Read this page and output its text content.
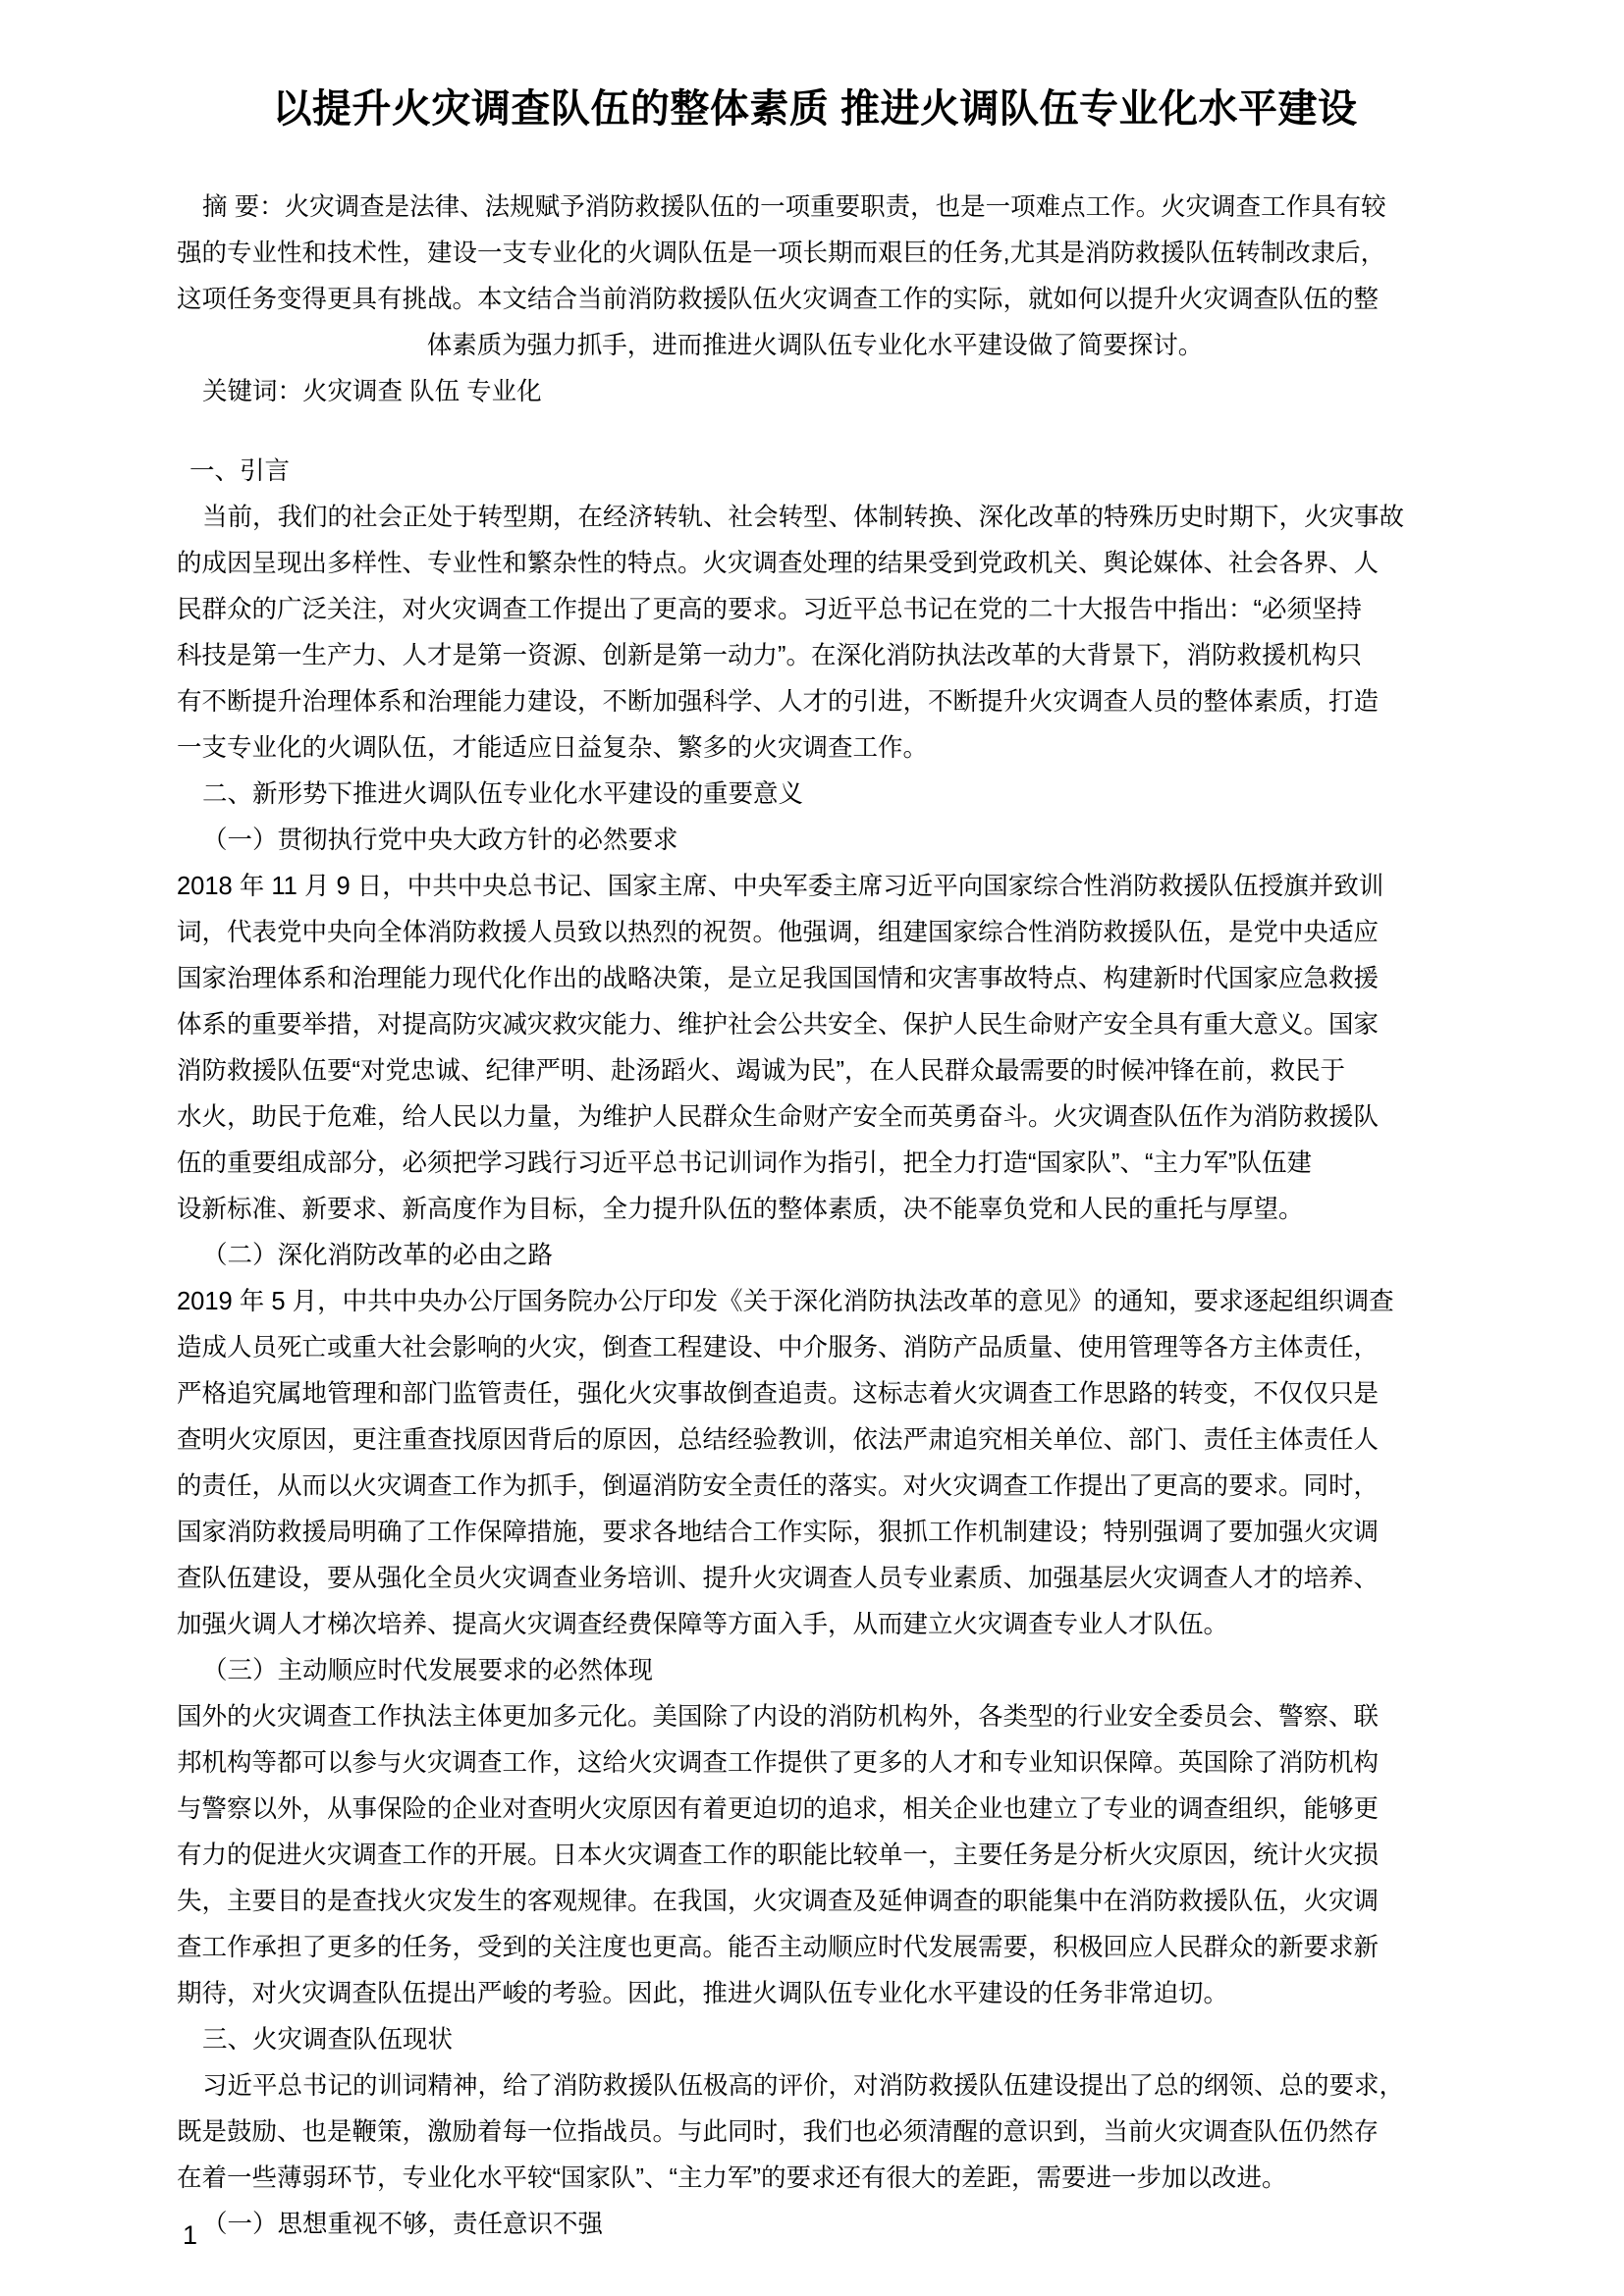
以提升火灾调查队伍的整体素质 推进火调队伍专业化水平建设

摘 要：火灾调查是法律、法规赋予消防救援队伍的一项重要职责，也是一项难点工作。火灾调查工作具有较

强的专业性和技术性，建设一支专业化的火调队伍是一项长期而艰巨的任务,尤其是消防救援队伍转制改隶后，

这项任务变得更具有挑战。本文结合当前消防救援队伍火灾调查工作的实际，就如何以提升火灾调查队伍的整

体素质为强力抓手，进而推进火调队伍专业化水平建设做了简要探讨。

关键词：火灾调查 队伍 专业化

一、引言

当前，我们的社会正处于转型期，在经济转轨、社会转型、体制转换、深化改革的特殊历史时期下，火灾事故

的成因呈现出多样性、专业性和繁杂性的特点。火灾调查处理的结果受到党政机关、舆论媒体、社会各界、人

民群众的广泛关注，对火灾调查工作提出了更高的要求。习近平总书记在党的二十大报告中指出：“必须坚持

科技是第一生产力、人才是第一资源、创新是第一动力”。在深化消防执法改革的大背景下，消防救援机构只

有不断提升治理体系和治理能力建设，不断加强科学、人才的引进，不断提升火灾调查人员的整体素质，打造

一支专业化的火调队伍，才能适应日益复杂、繁多的火灾调查工作。

二、新形势下推进火调队伍专业化水平建设的重要意义

（一）贯彻执行党中央大政方针的必然要求

2018 年 11 月 9 日，中共中央总书记、国家主席、中央军委主席习近平向国家综合性消防救援队伍授旗并致训

词，代表党中央向全体消防救援人员致以热烈的祝贺。他强调，组建国家综合性消防救援队伍，是党中央适应

国家治理体系和治理能力现代化作出的战略决策，是立足我国国情和灾害事故特点、构建新时代国家应急救援

体系的重要举措，对提高防灾减灾救灾能力、维护社会公共安全、保护人民生命财产安全具有重大意义。国家

消防救援队伍要“对党忠诚、纪律严明、赴汤蹈火、竭诚为民”，在人民群众最需要的时候冲锋在前，救民于

水火，助民于危难，给人民以力量，为维护人民群众生命财产安全而英勇奋斗。火灾调查队伍作为消防救援队

伍的重要组成部分，必须把学习践行习近平总书记训词作为指引，把全力打造“国家队”、“主力军”队伍建

设新标准、新要求、新高度作为目标，全力提升队伍的整体素质，决不能辜负党和人民的重托与厚望。

（二）深化消防改革的必由之路

2019 年 5 月，中共中央办公厅国务院办公厅印发《关于深化消防执法改革的意见》的通知，要求逐起组织调查

造成人员死亡或重大社会影响的火灾，倒查工程建设、中介服务、消防产品质量、使用管理等各方主体责任，

严格追究属地管理和部门监管责任，强化火灾事故倒查追责。这标志着火灾调查工作思路的转变，不仅仅只是

查明火灾原因，更注重查找原因背后的原因，总结经验教训，依法严肃追究相关单位、部门、责任主体责任人

的责任，从而以火灾调查工作为抓手，倒逼消防安全责任的落实。对火灾调查工作提出了更高的要求。同时，

国家消防救援局明确了工作保障措施，要求各地结合工作实际，狠抓工作机制建设；特别强调了要加强火灾调

查队伍建设，要从强化全员火灾调查业务培训、提升火灾调查人员专业素质、加强基层火灾调查人才的培养、

加强火调人才梯次培养、提高火灾调查经费保障等方面入手，从而建立火灾调查专业人才队伍。

（三）主动顺应时代发展要求的必然体现

国外的火灾调查工作执法主体更加多元化。美国除了内设的消防机构外，各类型的行业安全委员会、警察、联

邦机构等都可以参与火灾调查工作，这给火灾调查工作提供了更多的人才和专业知识保障。英国除了消防机构

与警察以外，从事保险的企业对查明火灾原因有着更迫切的追求，相关企业也建立了专业的调查组织，能够更

有力的促进火灾调查工作的开展。日本火灾调查工作的职能比较单一，主要任务是分析火灾原因，统计火灾损

失，主要目的是查找火灾发生的客观规律。在我国，火灾调查及延伸调查的职能集中在消防救援队伍，火灾调

查工作承担了更多的任务，受到的关注度也更高。能否主动顺应时代发展需要，积极回应人民群众的新要求新

期待，对火灾调查队伍提出严峻的考验。因此，推进火调队伍专业化水平建设的任务非常迫切。

三、火灾调查队伍现状

习近平总书记的训词精神，给了消防救援队伍极高的评价，对消防救援队伍建设提出了总的纲领、总的要求，

既是鼓励、也是鞭策，激励着每一位指战员。与此同时，我们也必须清醒的意识到，当前火灾调查队伍仍然存

在着一些薄弱环节，专业化水平较“国家队”、“主力军”的要求还有很大的差距，需要进一步加以改进。

（一）思想重视不够，责任意识不强

1
